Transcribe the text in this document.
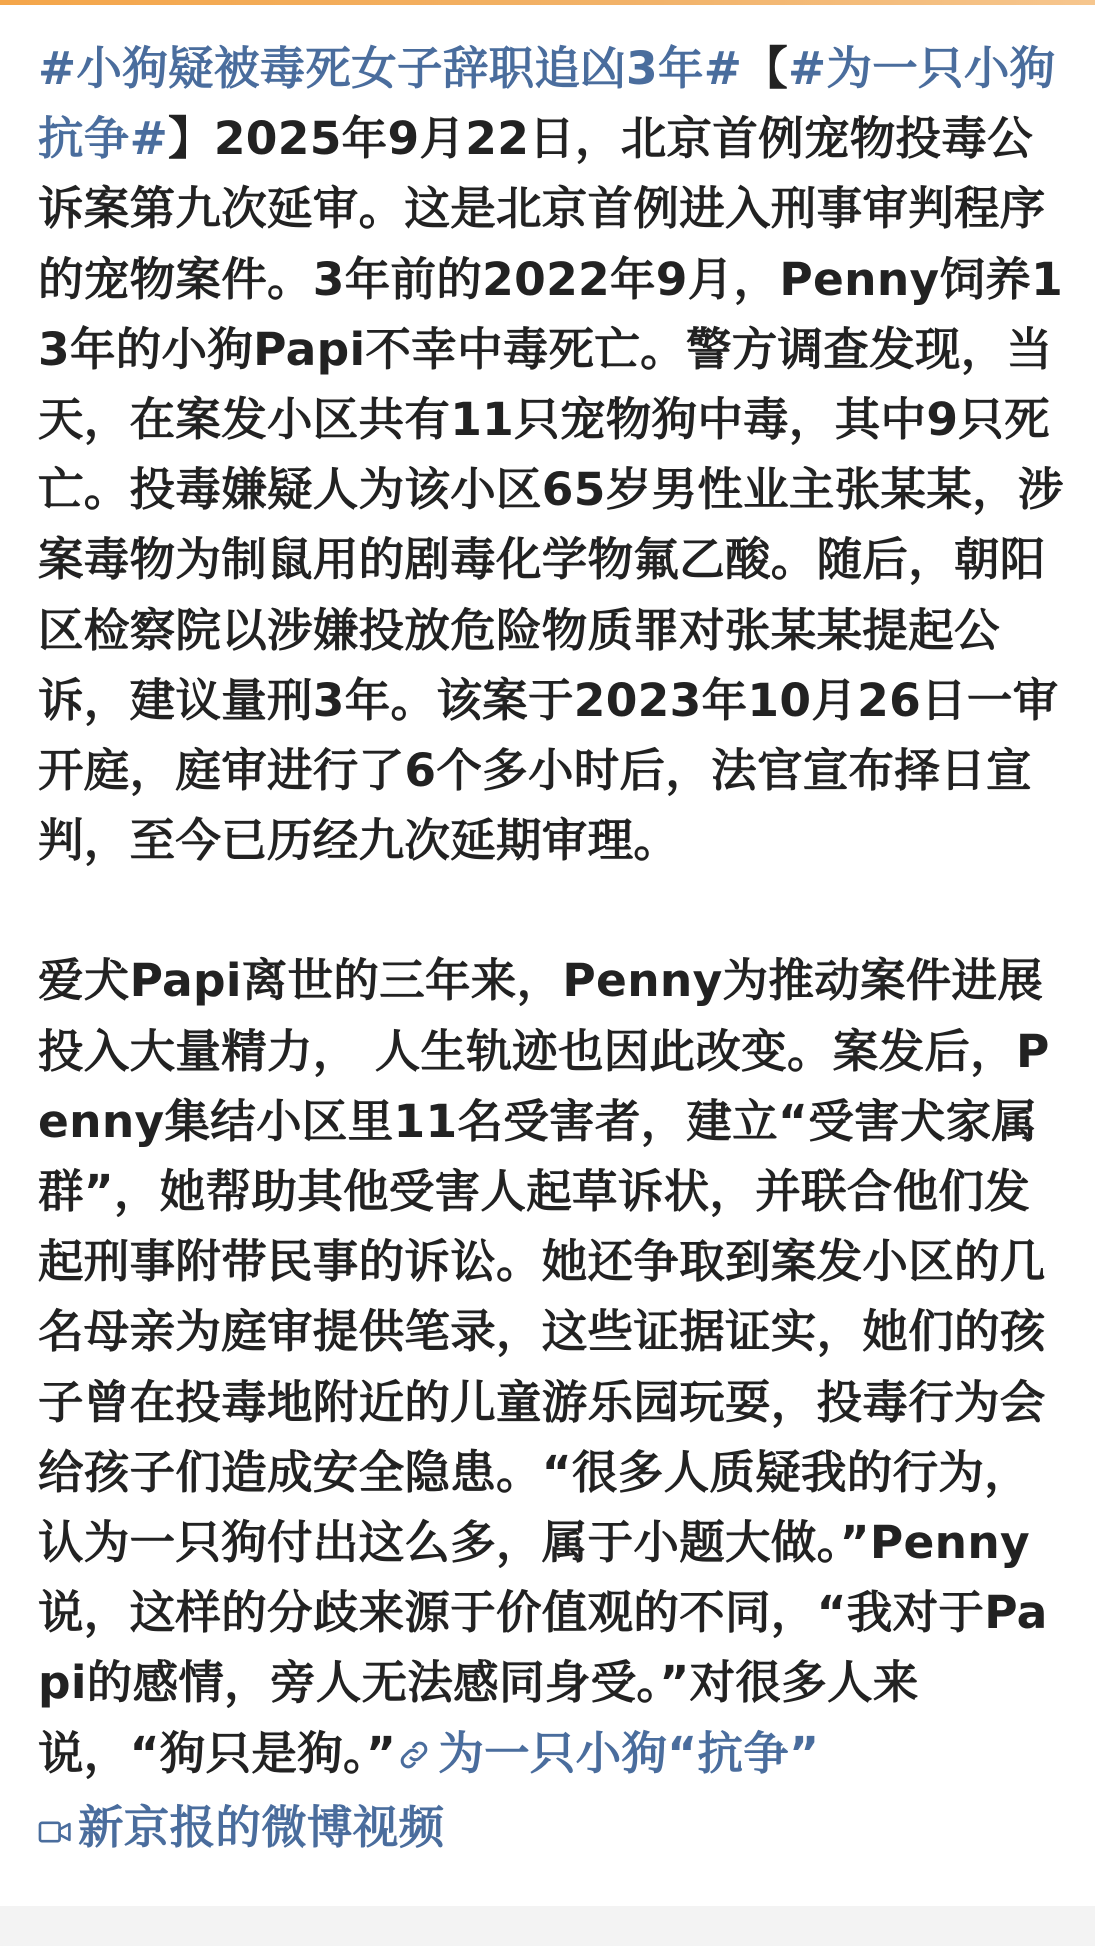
#小狗疑被毒死女子辞职追凶3年#【#为一只小狗抗争#】2025年9月22日，北京首例宠物投毒公诉案第九次延审。这是北京首例进入刑事审判程序的宠物案件。3年前的2022年9月，Penny饲养13年的小狗Papi不幸中毒死亡。警方调查发现，当天，在案发小区共有11只宠物狗中毒，其中9只死亡。投毒嫌疑人为该小区65岁男性业主张某某，涉案毒物为制鼠用的剧毒化学物氟乙酸。随后，朝阳区检察院以涉嫌投放危险物质罪对张某某提起公诉，建议量刑3年。该案于2023年10月26日一审开庭，庭审进行了6个多小时后，法官宣布择日宣判，至今已历经九次延期审理。

爱犬Papi离世的三年来，Penny为推动案件进展投入大量精力， 人生轨迹也因此改变。案发后，Penny集结小区里11名受害者，建立“受害犬家属群”，她帮助其他受害人起草诉状，并联合他们发起刑事附带民事的诉讼。她还争取到案发小区的几名母亲为庭审提供笔录，这些证据证实，她们的孩子曾在投毒地附近的儿童游乐园玩耍，投毒行为会给孩子们造成安全隐患。“很多人质疑我的行为，认为一只狗付出这么多，属于小题大做。”Penny说，这样的分歧来源于价值观的不同，“我对于Papi的感情，旁人无法感同身受。”对很多人来说，“狗只是狗。” 为一只小狗“抗争”
新京报的微博视频
